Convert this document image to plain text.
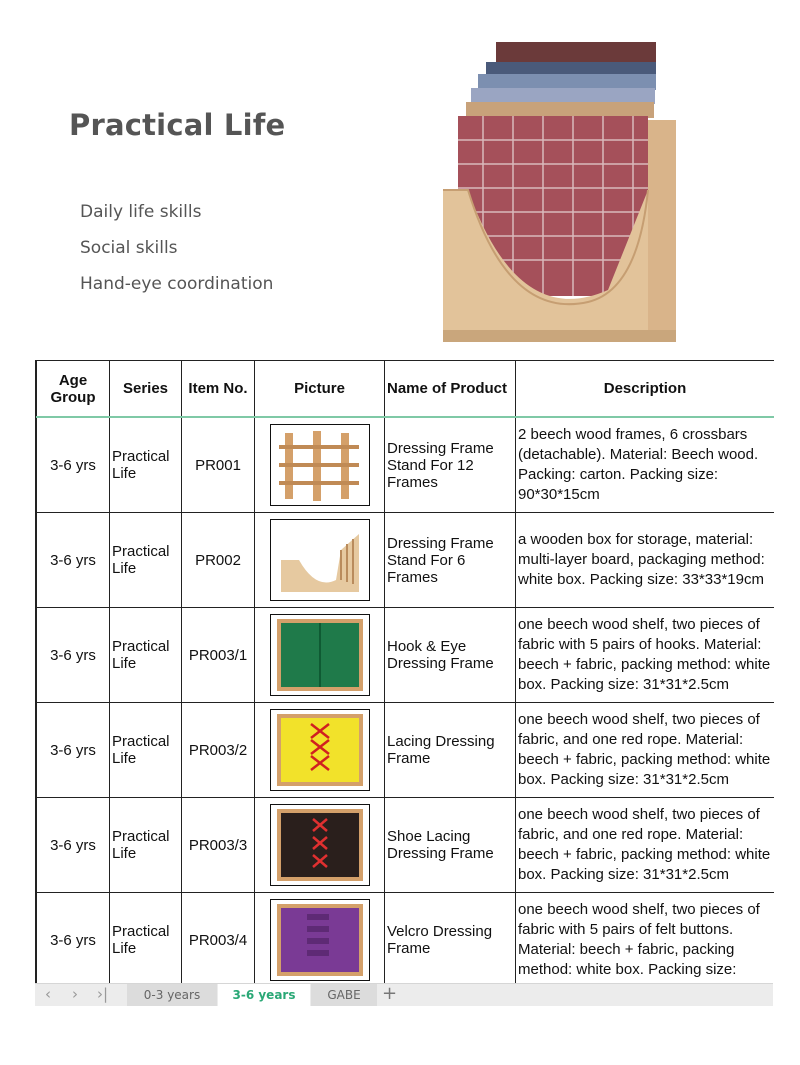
Practical Life
Daily life skills
Social skills
Hand-eye coordination
Age Group	Series	Item No.	Picture	Name of Product	Description
3-6 yrs	Practical Life	PR001		Dressing Frame Stand For 12 Frames	2 beech wood frames, 6 crossbars (detachable). Material: Beech wood. Packing: carton. Packing size: 90*30*15cm
3-6 yrs	Practical Life	PR002		Dressing Frame Stand For 6 Frames	a wooden box for storage, material: multi-layer board, packaging method: white box. Packing size: 33*33*19cm
3-6 yrs	Practical Life	PR003/1		Hook & Eye Dressing Frame	one beech wood shelf, two pieces of fabric with 5 pairs of hooks. Material: beech + fabric, packing method: white box. Packing size: 31*31*2.5cm
3-6 yrs	Practical Life	PR003/2		Lacing Dressing Frame	one beech wood shelf, two pieces of fabric, and one red rope. Material: beech + fabric, packing method: white box. Packing size: 31*31*2.5cm
3-6 yrs	Practical Life	PR003/3		Shoe Lacing Dressing Frame	one beech wood shelf, two pieces of fabric, and one red rope. Material: beech + fabric, packing method: white box. Packing size: 31*31*2.5cm
3-6 yrs	Practical Life	PR003/4		Velcro Dressing Frame	one beech wood shelf, two pieces of fabric with 5 pairs of felt buttons. Material: beech + fabric, packing method: white box. Packing size:
‹ › ›|	0-3 years	3-6 years	GABE	+
